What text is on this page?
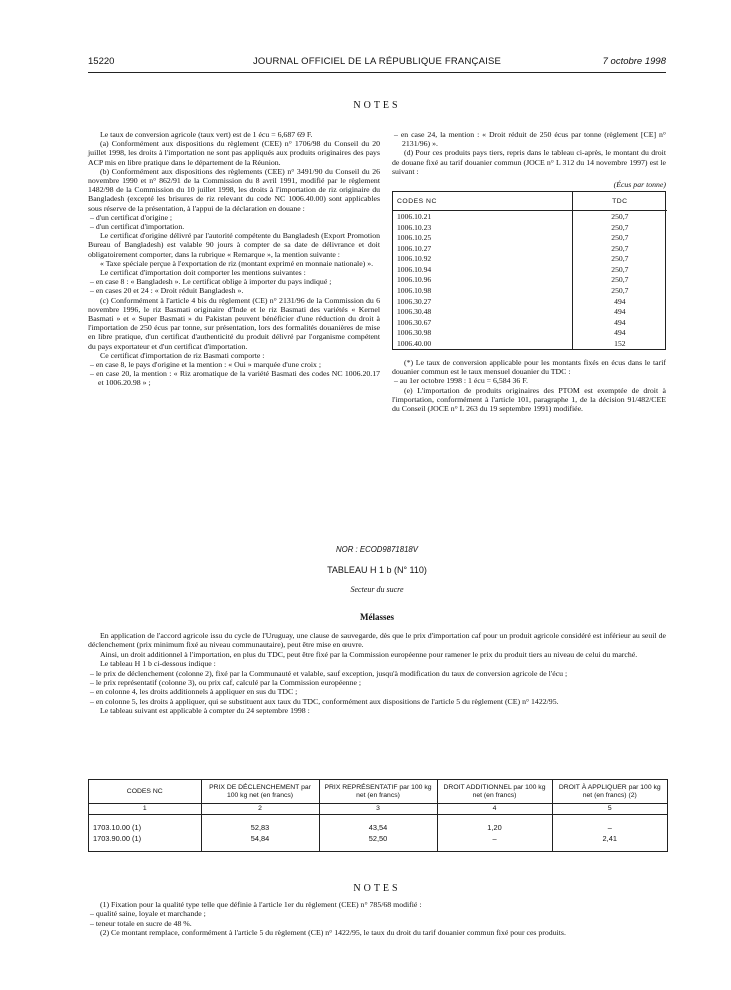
15220	JOURNAL OFFICIEL DE LA RÉPUBLIQUE FRANÇAISE	7 octobre 1998
NOTES

Le taux de conversion agricole (taux vert) est de 1 écu = 6,687 69 F.

(a) Conformément aux dispositions du règlement (CEE) n° 1706/98 du Conseil du 20 juillet 1998, les droits à l'importation ne sont pas appliqués aux produits originaires des pays ACP mis en libre pratique dans le département de la Réunion.

(b) Conformément aux dispositions des règlements (CEE) n° 3491/90 du Conseil du 26 novembre 1990 et n° 862/91 de la Commission du 8 avril 1991, modifié par le règlement 1482/98 de la Commission du 10 juillet 1998, les droits à l'importation de riz originaire du Bangladesh (excepté les brisures de riz relevant du code NC 1006.40.00) sont applicables sous réserve de la présentation, à l'appui de la déclaration en douane :

– d'un certificat d'origine ;

– d'un certificat d'importation.

Le certificat d'origine délivré par l'autorité compétente du Bangladesh (Export Promotion Bureau of Bangladesh) est valable 90 jours à compter de sa date de délivrance et doit obligatoirement comporter, dans la rubrique « Remarque », la mention suivante :

« Taxe spéciale perçue à l'exportation de riz (montant exprimé en monnaie nationale) ».

Le certificat d'importation doit comporter les mentions suivantes :

– en case 8 : « Bangladesh ». Le certificat oblige à importer du pays indiqué ;

– en cases 20 et 24 : « Droit réduit Bangladesh ».

(c) Conformément à l'article 4 bis du règlement (CE) n° 2131/96 de la Commission du 6 novembre 1996, le riz Basmati originaire d'Inde et le riz Basmati des variétés « Kernel Basmati » et « Super Basmati » du Pakistan peuvent bénéficier d'une réduction du droit à l'importation de 250 écus par tonne, sur présentation, lors des formalités douanières de mise en libre pratique, d'un certificat d'authenticité du produit délivré par l'organisme compétent du pays exportateur et d'un certificat d'importation.

Ce certificat d'importation de riz Basmati comporte :

– en case 8, le pays d'origine et la mention : « Oui » marquée d'une croix ;

– en case 20, la mention : « Riz aromatique de la variété Basmati des codes NC 1006.20.17 et 1006.20.98 » ;

– en case 24, la mention : « Droit réduit de 250 écus par tonne (règlement [CE] n° 2131/96) ».

(d) Pour ces produits pays tiers, repris dans le tableau ci-après, le montant du droit de douane fixé au tarif douanier commun (JOCE n° L 312 du 14 novembre 1997) est le suivant :

(Écus par tonne)
CODES NC	TDC
1006.10.21	250,7
1006.10.23	250,7
1006.10.25	250,7
1006.10.27	250,7
1006.10.92	250,7
1006.10.94	250,7
1006.10.96	250,7
1006.10.98	250,7
1006.30.27	494
1006.30.48	494
1006.30.67	494
1006.30.98	494
1006.40.00	152

(*) Le taux de conversion applicable pour les montants fixés en écus dans le tarif douanier commun est le taux mensuel douanier du TDC :

– au 1er octobre 1998 : 1 écu = 6,584 36 F.

(e) L'importation de produits originaires des PTOM est exemptée de droit à l'importation, conformément à l'article 101, paragraphe 1, de la décision 91/482/CEE du Conseil (JOCE n° L 263 du 19 septembre 1991) modifiée.

NOR : ECOD9871818V
TABLEAU H 1 b (N° 110)
Secteur du sucre
Mélasses

En application de l'accord agricole issu du cycle de l'Uruguay, une clause de sauvegarde, dès que le prix d'importation caf pour un produit agricole considéré est inférieur au seuil de déclenchement (prix minimum fixé au niveau communautaire), peut être mise en œuvre.

Ainsi, un droit additionnel à l'importation, en plus du TDC, peut être fixé par la Commission européenne pour ramener le prix du produit tiers au niveau de celui du marché.

Le tableau H 1 b ci-dessous indique :

– le prix de déclenchement (colonne 2), fixé par la Communauté et valable, sauf exception, jusqu'à modification du taux de conversion agricole de l'écu ;

– le prix représentatif (colonne 3), ou prix caf, calculé par la Commission européenne ;

– en colonne 4, les droits additionnels à appliquer en sus du TDC ;

– en colonne 5, les droits à appliquer, qui se substituent aux taux du TDC, conformément aux dispositions de l'article 5 du règlement (CE) n° 1422/95.

Le tableau suivant est applicable à compter du 24 septembre 1998 :

CODES NC	PRIX DE DÉCLENCHEMENT par 100 kg net (en francs)	PRIX REPRÉSENTATIF par 100 kg net (en francs)	DROIT ADDITIONNEL par 100 kg net (en francs)	DROIT À APPLIQUER par 100 kg net (en francs) (2)
1	2	3	4	5

1703.10.00 (1)	52,83	43,54	1,20	–
1703.90.00 (1)	54,84	52,50	–	2,41

NOTES

(1) Fixation pour la qualité type telle que définie à l'article 1er du règlement (CEE) n° 785/68 modifié :

– qualité saine, loyale et marchande ;

– teneur totale en sucre de 48 %.

(2) Ce montant remplace, conformément à l'article 5 du règlement (CE) n° 1422/95, le taux du droit du tarif douanier commun fixé pour ces produits.
